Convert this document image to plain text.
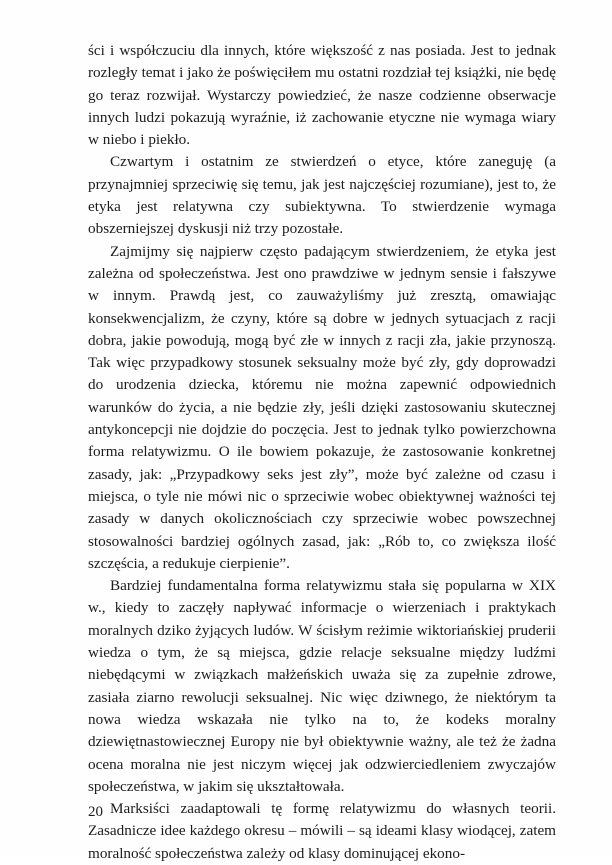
ści i współczuciu dla innych, które większość z nas posiada. Jest to jednak rozległy temat i jako że poświęciłem mu ostatni rozdział tej książki, nie będę go teraz rozwijał. Wystarczy powiedzieć, że nasze codzienne obserwacje innych ludzi pokazują wyraźnie, iż zachowanie etyczne nie wymaga wiary w niebo i piekło.

Czwartym i ostatnim ze stwierdzeń o etyce, które zaneguję (a przynajmniej sprzeciwię się temu, jak jest najczęściej rozumiane), jest to, że etyka jest relatywna czy subiektywna. To stwierdzenie wymaga obszerniejszej dyskusji niż trzy pozostałe.

Zajmijmy się najpierw często padającym stwierdzeniem, że etyka jest zależna od społeczeństwa. Jest ono prawdziwe w jednym sensie i fałszywe w innym. Prawdą jest, co zauważyliśmy już zresztą, omawiając konsekwencjalizm, że czyny, które są dobre w jednych sytuacjach z racji dobra, jakie powodują, mogą być złe w innych z racji zła, jakie przynoszą. Tak więc przypadkowy stosunek seksualny może być zły, gdy doprowadzi do urodzenia dziecka, któremu nie można zapewnić odpowiednich warunków do życia, a nie będzie zły, jeśli dzięki zastosowaniu skutecznej antykoncepcji nie dojdzie do poczęcia. Jest to jednak tylko powierzchowna forma relatywizmu. O ile bowiem pokazuje, że zastosowanie konkretnej zasady, jak: „Przypadkowy seks jest zły”, może być zależne od czasu i miejsca, o tyle nie mówi nic o sprzeciwie wobec obiektywnej ważności tej zasady w danych okolicznościach czy sprzeciwie wobec powszechnej stosowalności bardziej ogólnych zasad, jak: „Rób to, co zwiększa ilość szczęścia, a redukuje cierpienie”.

Bardziej fundamentalna forma relatywizmu stała się popularna w XIX w., kiedy to zaczęły napływać informacje o wierzeniach i praktykach moralnych dziko żyjących ludów. W ścisłym reżimie wiktoriańskiej pruderii wiedza o tym, że są miejsca, gdzie relacje seksualne między ludźmi niebędącymi w związkach małżeńskich uważa się za zupełnie zdrowe, zasiała ziarno rewolucji seksualnej. Nic więc dziwnego, że niektórym ta nowa wiedza wskazała nie tylko na to, że kodeks moralny dziewiętnastowiecznej Europy nie był obiektywnie ważny, ale też że żadna ocena moralna nie jest niczym więcej jak odzwierciedleniem zwyczajów społeczeństwa, w jakim się ukształtowała.

Marksiści zaadaptowali tę formę relatywizmu do własnych teorii. Zasadnicze idee każdego okresu – mówili – są ideami klasy wiodącej, zatem moralność społeczeństwa zależy od klasy dominującej ekono-

20
